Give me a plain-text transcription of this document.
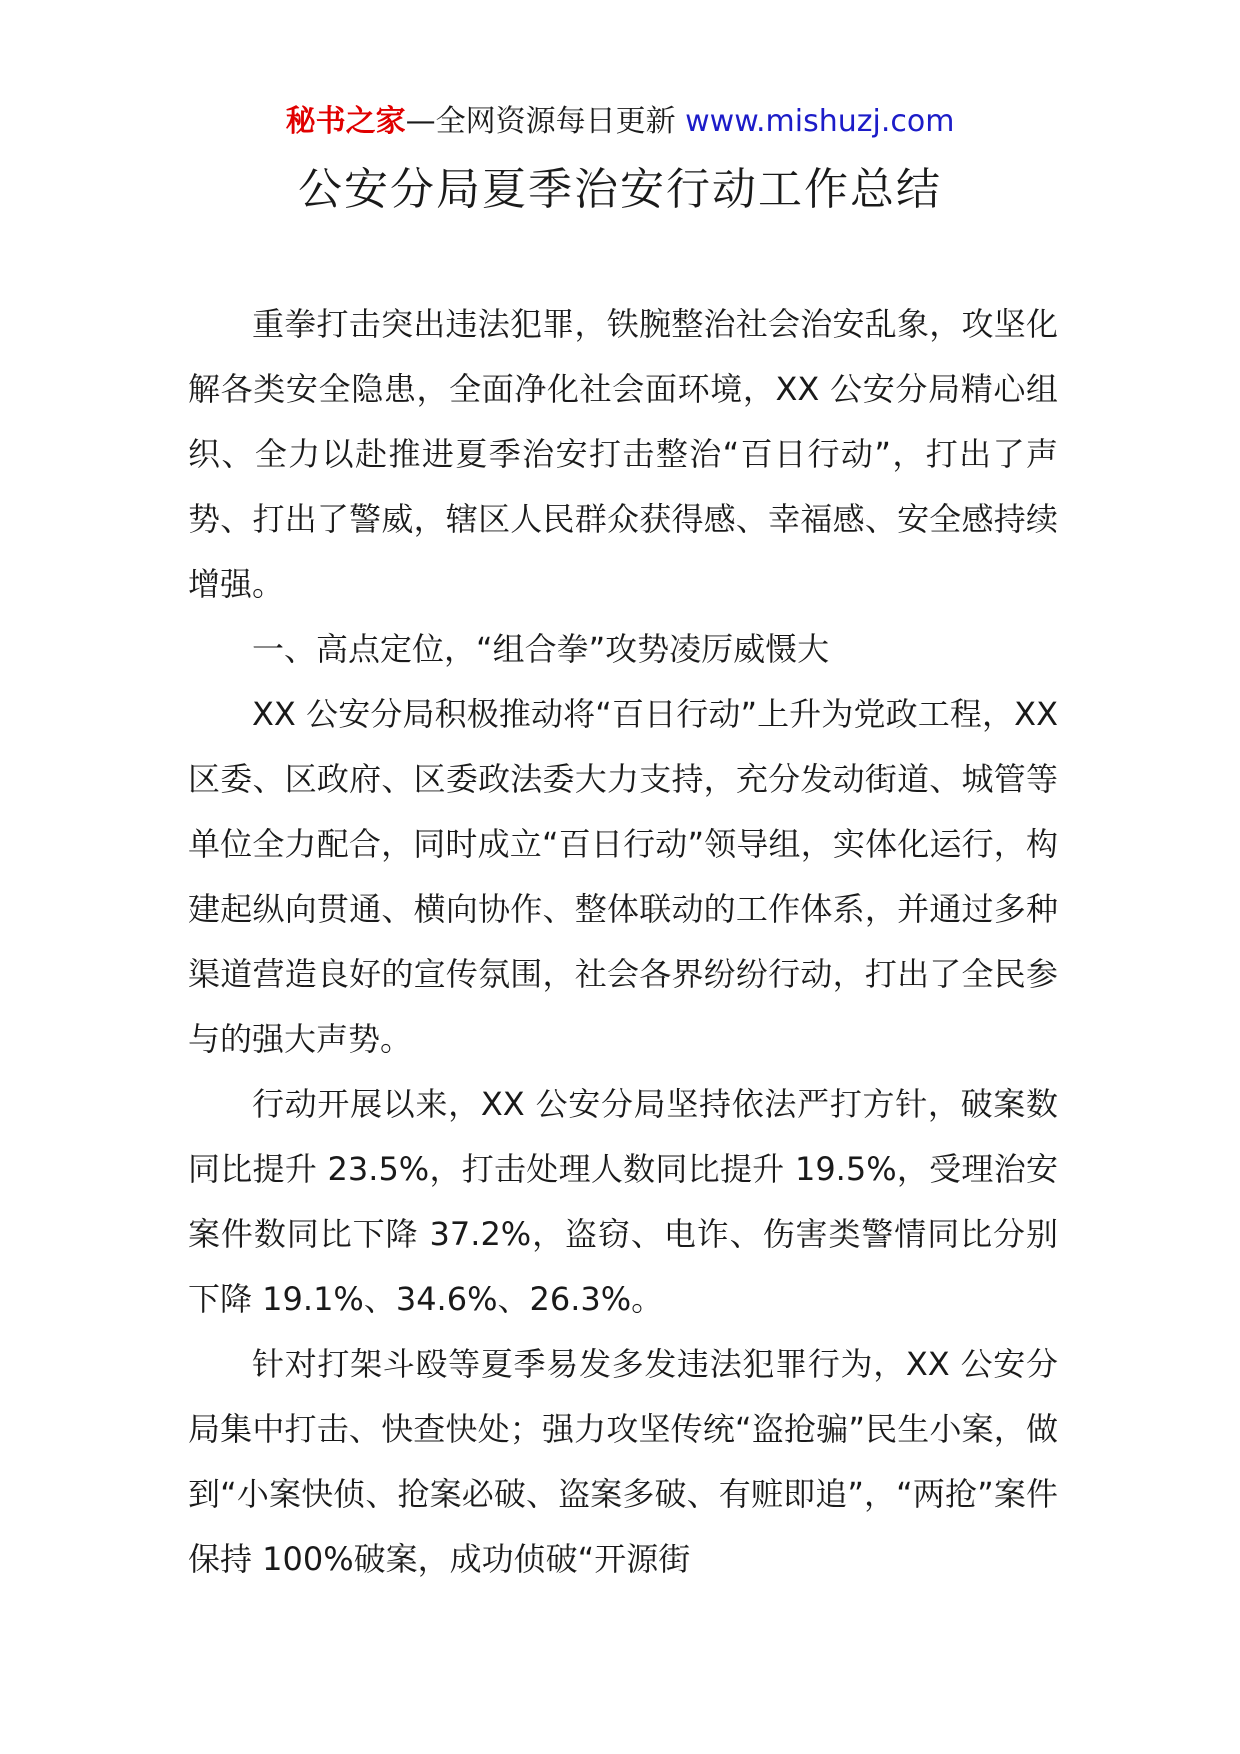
秘书之家—全网资源每日更新 www.mishuzj.com
公安分局夏季治安行动工作总结

重拳打击突出违法犯罪，铁腕整治社会治安乱象，攻坚化解各类安全隐患，全面净化社会面环境，XX 公安分局精心组织、全力以赴推进夏季治安打击整治“百日行动”，打出了声势、打出了警威，辖区人民群众获得感、幸福感、安全感持续增强。

一、高点定位，“组合拳”攻势凌厉威慑大

XX 公安分局积极推动将“百日行动”上升为党政工程，XX 区委、区政府、区委政法委大力支持，充分发动街道、城管等单位全力配合，同时成立“百日行动”领导组，实体化运行，构建起纵向贯通、横向协作、整体联动的工作体系，并通过多种渠道营造良好的宣传氛围，社会各界纷纷行动，打出了全民参与的强大声势。

行动开展以来，XX 公安分局坚持依法严打方针，破案数同比提升 23.5%，打击处理人数同比提升 19.5%，受理治安案件数同比下降 37.2%，盗窃、电诈、伤害类警情同比分别下降 19.1%、34.6%、26.3%。

针对打架斗殴等夏季易发多发违法犯罪行为，XX 公安分局集中打击、快查快处；强力攻坚传统“盗抢骗”民生小案，做到“小案快侦、抢案必破、盗案多破、有赃即追”，“两抢”案件保持 100%破案，成功侦破“开源街
